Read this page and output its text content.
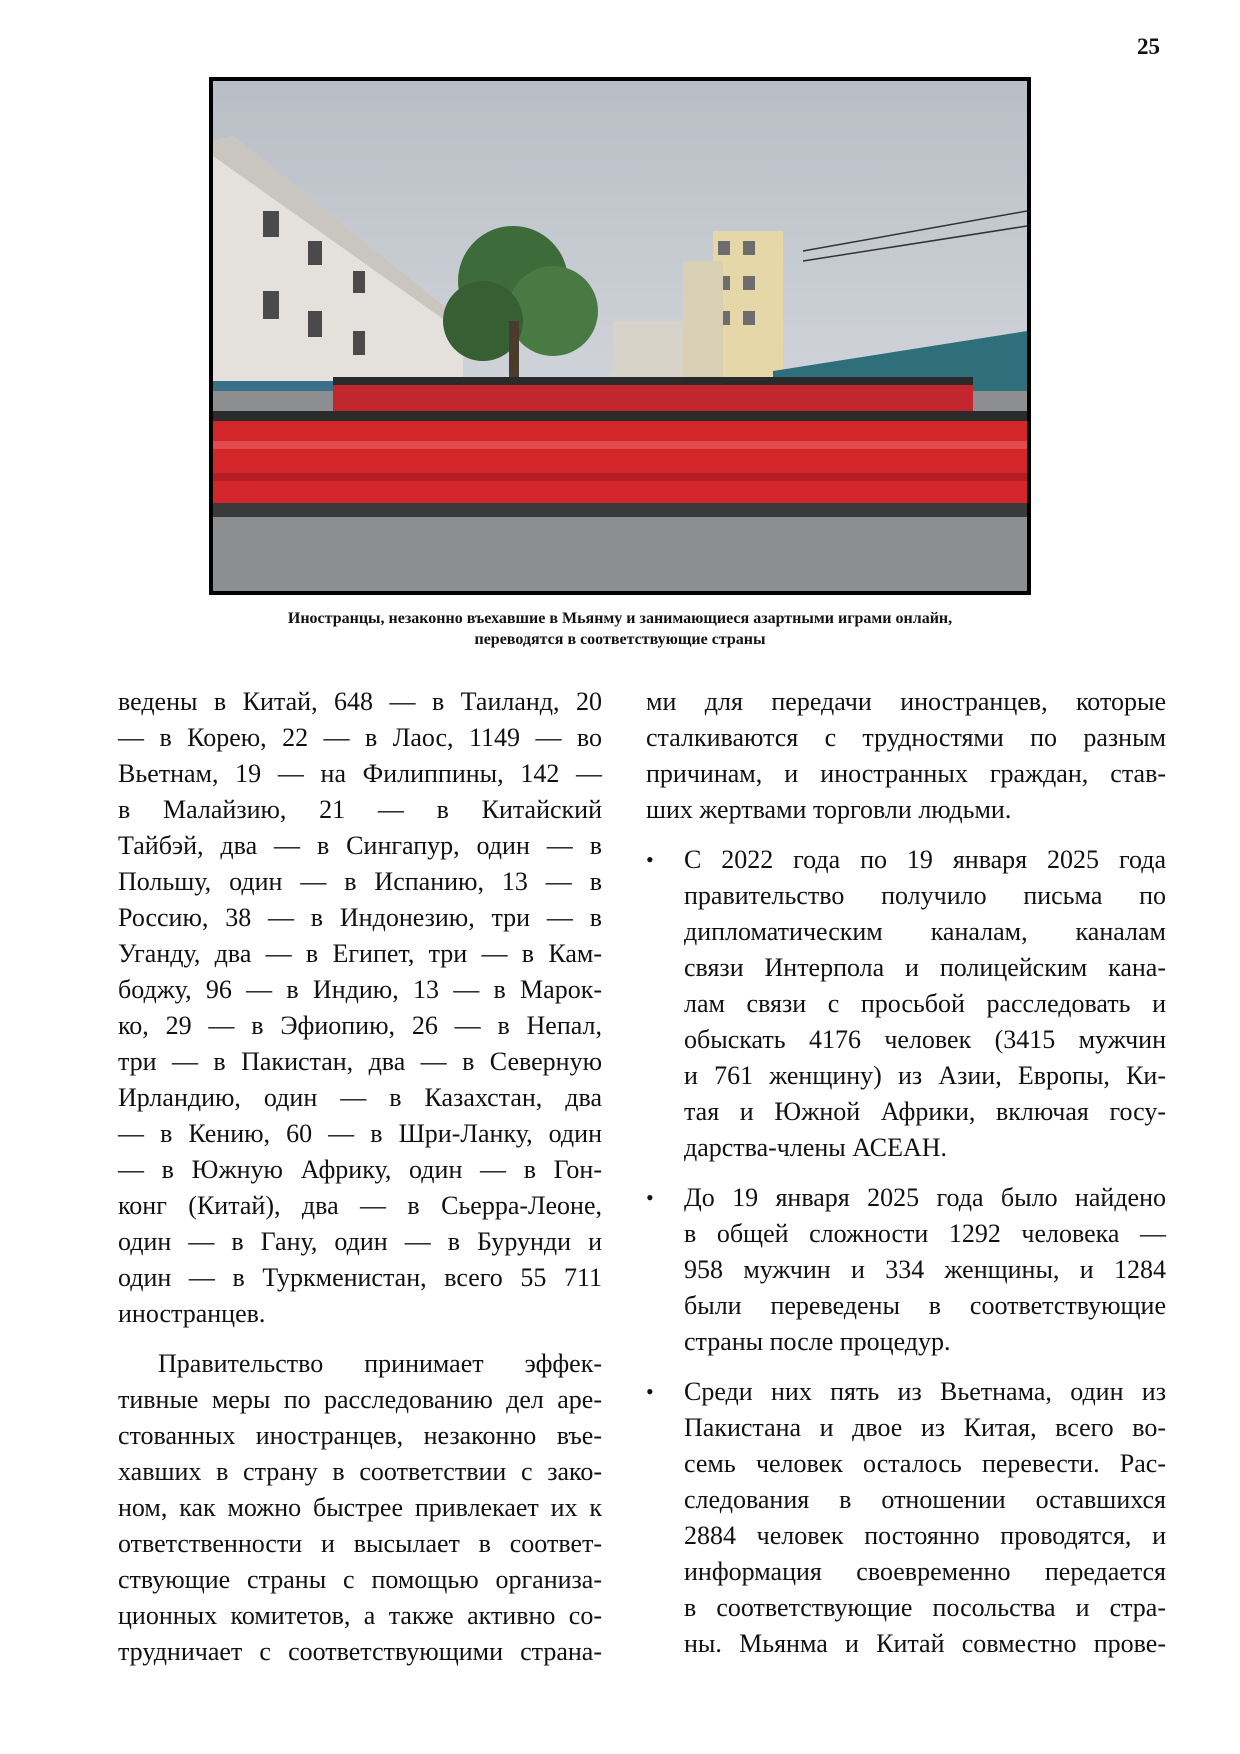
25
Иностранцы, незаконно въехавшие в Мьянму и занимающиеся азартными играми онлайн,
переводятся в соответствующие страны
ведены в Китай, 648 — в Таиланд, 20
— в Корею, 22 — в Лаос, 1149 — во
Вьетнам, 19 — на Филиппины, 142 —
в Малайзию, 21 — в Китайский
Тайбэй, два — в Сингапур, один — в
Польшу, один — в Испанию, 13 — в
Россию, 38 — в Индонезию, три — в
Уганду, два — в Египет, три — в Кам-
боджу, 96 — в Индию, 13 — в Марок-
ко, 29 — в Эфиопию, 26 — в Непал,
три — в Пакистан, два — в Северную
Ирландию, один — в Казахстан, два
— в Кению, 60 — в Шри-Ланку, один
— в Южную Африку, один — в Гон-
конг (Китай), два — в Сьерра-Леоне,
один — в Гану, один — в Бурунди и
один — в Туркменистан, всего 55 711
иностранцев.
Правительство принимает эффек-
тивные меры по расследованию дел аре-
стованных иностранцев, незаконно въе-
хавших в страну в соответствии с зако-
ном, как можно быстрее привлекает их к
ответственности и высылает в соответ-
ствующие страны с помощью организа-
ционных комитетов, а также активно со-
трудничает с соответствующими страна-
ми для передачи иностранцев, которые
сталкиваются с трудностями по разным
причинам, и иностранных граждан, став-
ших жертвами торговли людьми.
•	С 2022 года по 19 января 2025 года
правительство получило письма по
дипломатическим каналам, каналам
связи Интерпола и полицейским кана-
лам связи с просьбой расследовать и
обыскать 4176 человек (3415 мужчин
и 761 женщину) из Азии, Европы, Ки-
тая и Южной Африки, включая госу-
дарства-члены АСЕАН.
•	До 19 января 2025 года было найдено
в общей сложности 1292 человека —
958 мужчин и 334 женщины, и 1284
были переведены в соответствующие
страны после процедур.
•	Среди них пять из Вьетнама, один из
Пакистана и двое из Китая, всего во-
семь человек осталось перевести. Рас-
следования в отношении оставшихся
2884 человек постоянно проводятся, и
информация своевременно передается
в соответствующие посольства и стра-
ны. Мьянма и Китай совместно прове-
